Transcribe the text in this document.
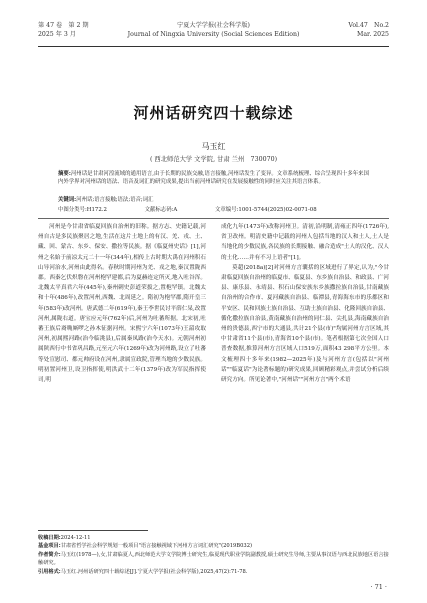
第 47 卷　第 2 期
2025 年 3 月
宁夏大学学报(社会科学版)
Journal of Ningxia University (Social Sciences Edition)
Vol.47　No.2
Mar. 2025
河州话研究四十载综述
马玉红
( 西北师范大学 文学院, 甘肃 兰州　730070)
摘要:河州话是甘肃河湟流域的通用语言,由于长期的民族交融,语言接触,河州话发生了变异。文章系统梳理、综合呈现四十多年来国内外学界对河州话的语法、语音及词汇的研究成果,提出当前河州话研究在发展接触性的同时应关注其语言体系。
关键词:河州话;语言接触;语法;语音;词汇
中图分类号:H172.2	文献标志码:A	文章编号:1001-5744(2025)02-0071-08

河州是今甘肃省临夏回族自治州的旧称。据方志、史籍记载,河州自古是多民族聚居之地,生活在这片土地上的有汉、羌、戎、土、藏、回、蒙古、东乡、保安、撒拉等民族。据《临夏州史话》[1],河州之名始于前凉太元二十一年(344年),相传上古时期大禹在河州积石山导河治水,河州由此得名。春秋时期河州为羌、戎之地,秦汉置陇西郡。西秦乞伏炽磐在河州枹罕建都,后为夏赫连定所灭,地入吐谷浑。北魏太平真君六年(445年),秦州刺史彭道荣拔之,置枹罕镇。北魏太和十年(486年),改置河州,西魏、北周延之。隋初为枹罕郡,隋开皇三年(583年)改河州。唐武德二年(619年),秦王李世民讨平薛仁杲,改置河州,属陇右道。唐宝应元年(762年)后,河州为吐蕃所据。北宋初,吐蕃王族后裔唃厮啰之孙木征据河州。宋熙宁六年(1073年)王韶攻取河州,初属熙河路(治今临洮县),后属秦凤路(治今天水)。元朝河州初属陕西行中书省巩昌路,元至元六年(1269年)改为河州路,设立了吐蕃等处宣慰司、都元帅府设在河州,隶属宣政院,管理当地的少数民族。明初置河州卫,设卫指挥使,明洪武十二年(1379年)改为军民指挥使司,明

成化九年(1473年)改称河州卫。清初,沿明制,清雍正四年(1726年),省卫改州。明清史籍中记载的河州人包括当地的汉人和土人,土人是当地化的少数民族,各民族的长期接触、融合造成"土人的汉化、汉人的土化……并有不习上语者"[1]。

莫超(2018a)[2]对河州方言囊括的区域进行了界定,认为,"今甘肃临夏回族自治州的临夏市、临夏县、东乡族自治县、和政县、广河县、康乐县、永靖县、积石山保安族东乡族撒拉族自治县,甘南藏族自治州的合作市、夏河藏族自治县、临潭县,青海海东市的乐都区和平安区、民和回族土族自治县、互助土族自治县、化隆回族自治县、循化撒拉族自治县,黄南藏族自治州的同仁县、尖扎县,海南藏族自治州的贵德县,西宁市的大通县,共计21个县(市)"均属河州方言区域,其中甘肃省11个县(市),青海省10个县(市)。笔者根据第七次全国人口普查数据,推算河州方言区域人口519万,面积43 298平方公里。本文梳理四十多年来(1982—2025年)及与河州方言(包括以"河州话""临夏话"为论著标题的)研究成果,回顾精彩观点,并尝试分析后续研究方向。所见论著中,"河州话""河州方言"两个术语

收稿日期:2024-12-11
基金项目:甘肃省哲学社会科学规划一般项目"语言接触视域下河州方言词汇研究"(2019B032)
作者简介:马玉红(1978—),女,甘肃临夏人,西北师范大学文学院博士研究生,临夏现代职业学院副教授,硕士研究生导师,主要从事汉语与西北民族地区语言接触研究。
引用格式:马玉红.河州话研究四十载综述[J].宁夏大学学报(社会科学版),2025,47(2):71-78.
· 71 ·
